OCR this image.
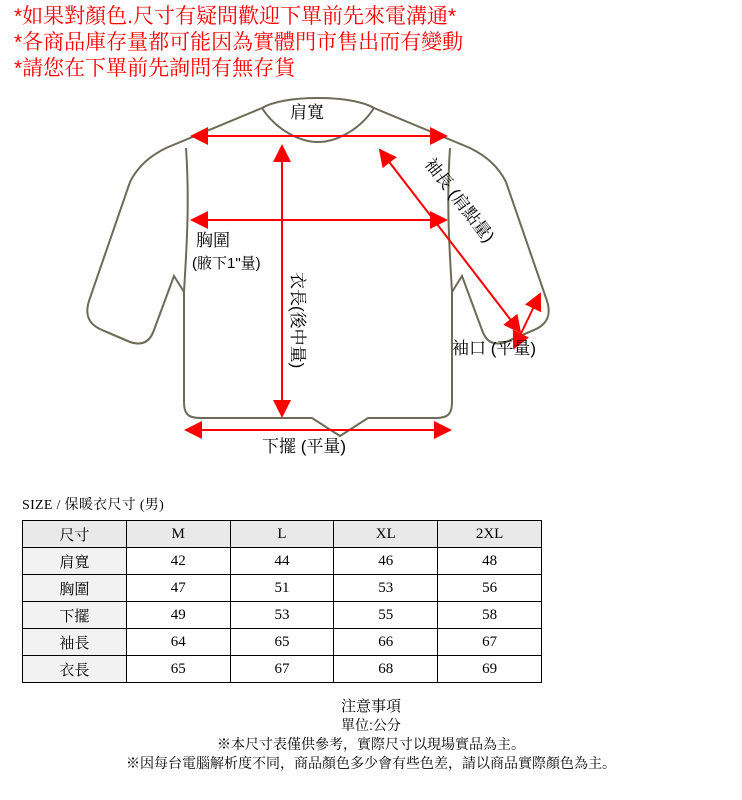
*如果對顏色.尺寸有疑問歡迎下單前先來電溝通*
*各商品庫存量都可能因為實體門市售出而有變動
*請您在下單前先詢問有無存貨
肩寬
袖長 (肩點量)
胸圍
(腋下1"量)
衣長(後中量)	袖口 (平量)
下擺 (平量)
SIZE / 保暖衣尺寸 (男)
尺寸	M	L	XL	2XL
肩寬	42	44	46	48
胸圍	47	51	53	56
下擺	49	53	55	58
袖長	64	65	66	67
衣長	65	67	68	69
注意事項
單位:公分
※本尺寸表僅供參考，實際尺寸以現場實品為主。
※因每台電腦解析度不同，商品顏色多少會有些色差，請以商品實際顏色為主。
